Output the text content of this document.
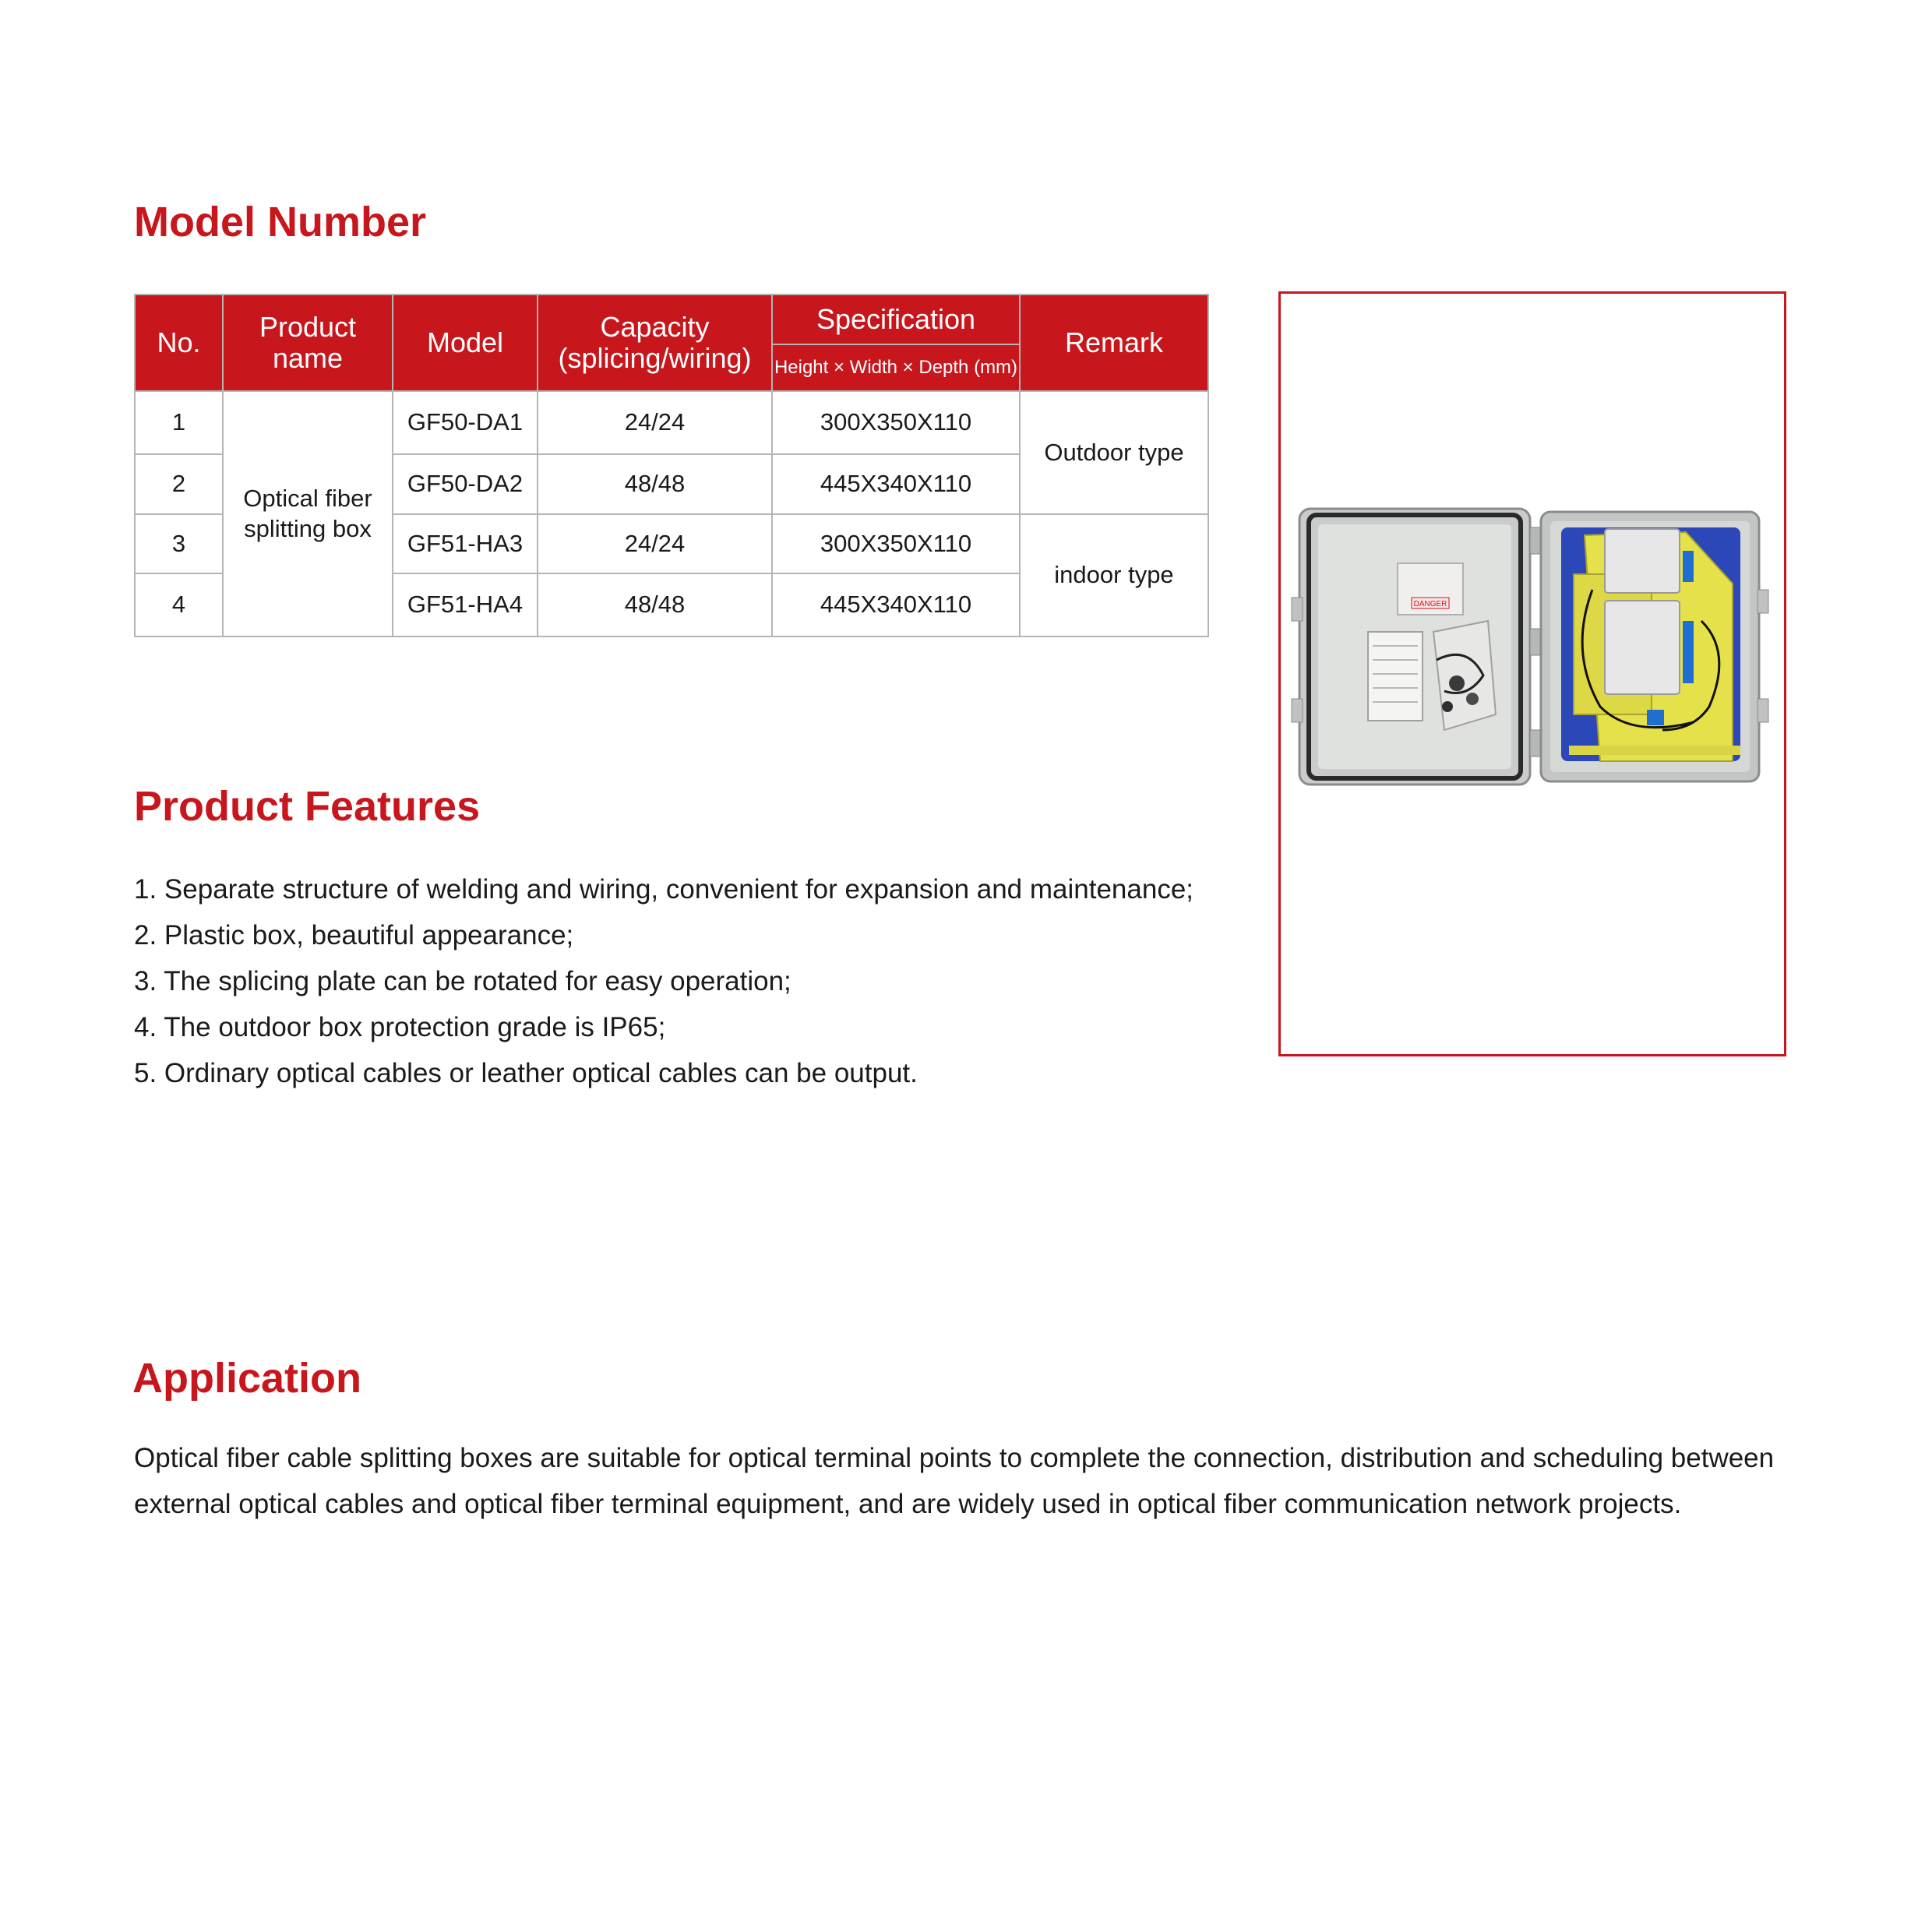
Model Number
No.	Product name	Model	Capacity (splicing/wiring)	Specification	Remark
				Height × Width × Depth (mm)	
1	Optical fiber splitting box	GF50-DA1	24/24	300X350X110	Outdoor type
2		GF50-DA2	48/48	445X340X110	
3		GF51-HA3	24/24	300X350X110	indoor type
4		GF51-HA4	48/48	445X340X110		DANGER
Product Features
1. Separate structure of welding and wiring, convenient for expansion and maintenance;
2. Plastic box, beautiful appearance;
3. The splicing plate can be rotated for easy operation;
4. The outdoor box protection grade is IP65;
5. Ordinary optical cables or leather optical cables can be output.
Application

Optical fiber cable splitting boxes are suitable for optical terminal points to complete the connection, distribution and scheduling between external optical cables and optical fiber terminal equipment, and are widely used in optical fiber communication network projects.
